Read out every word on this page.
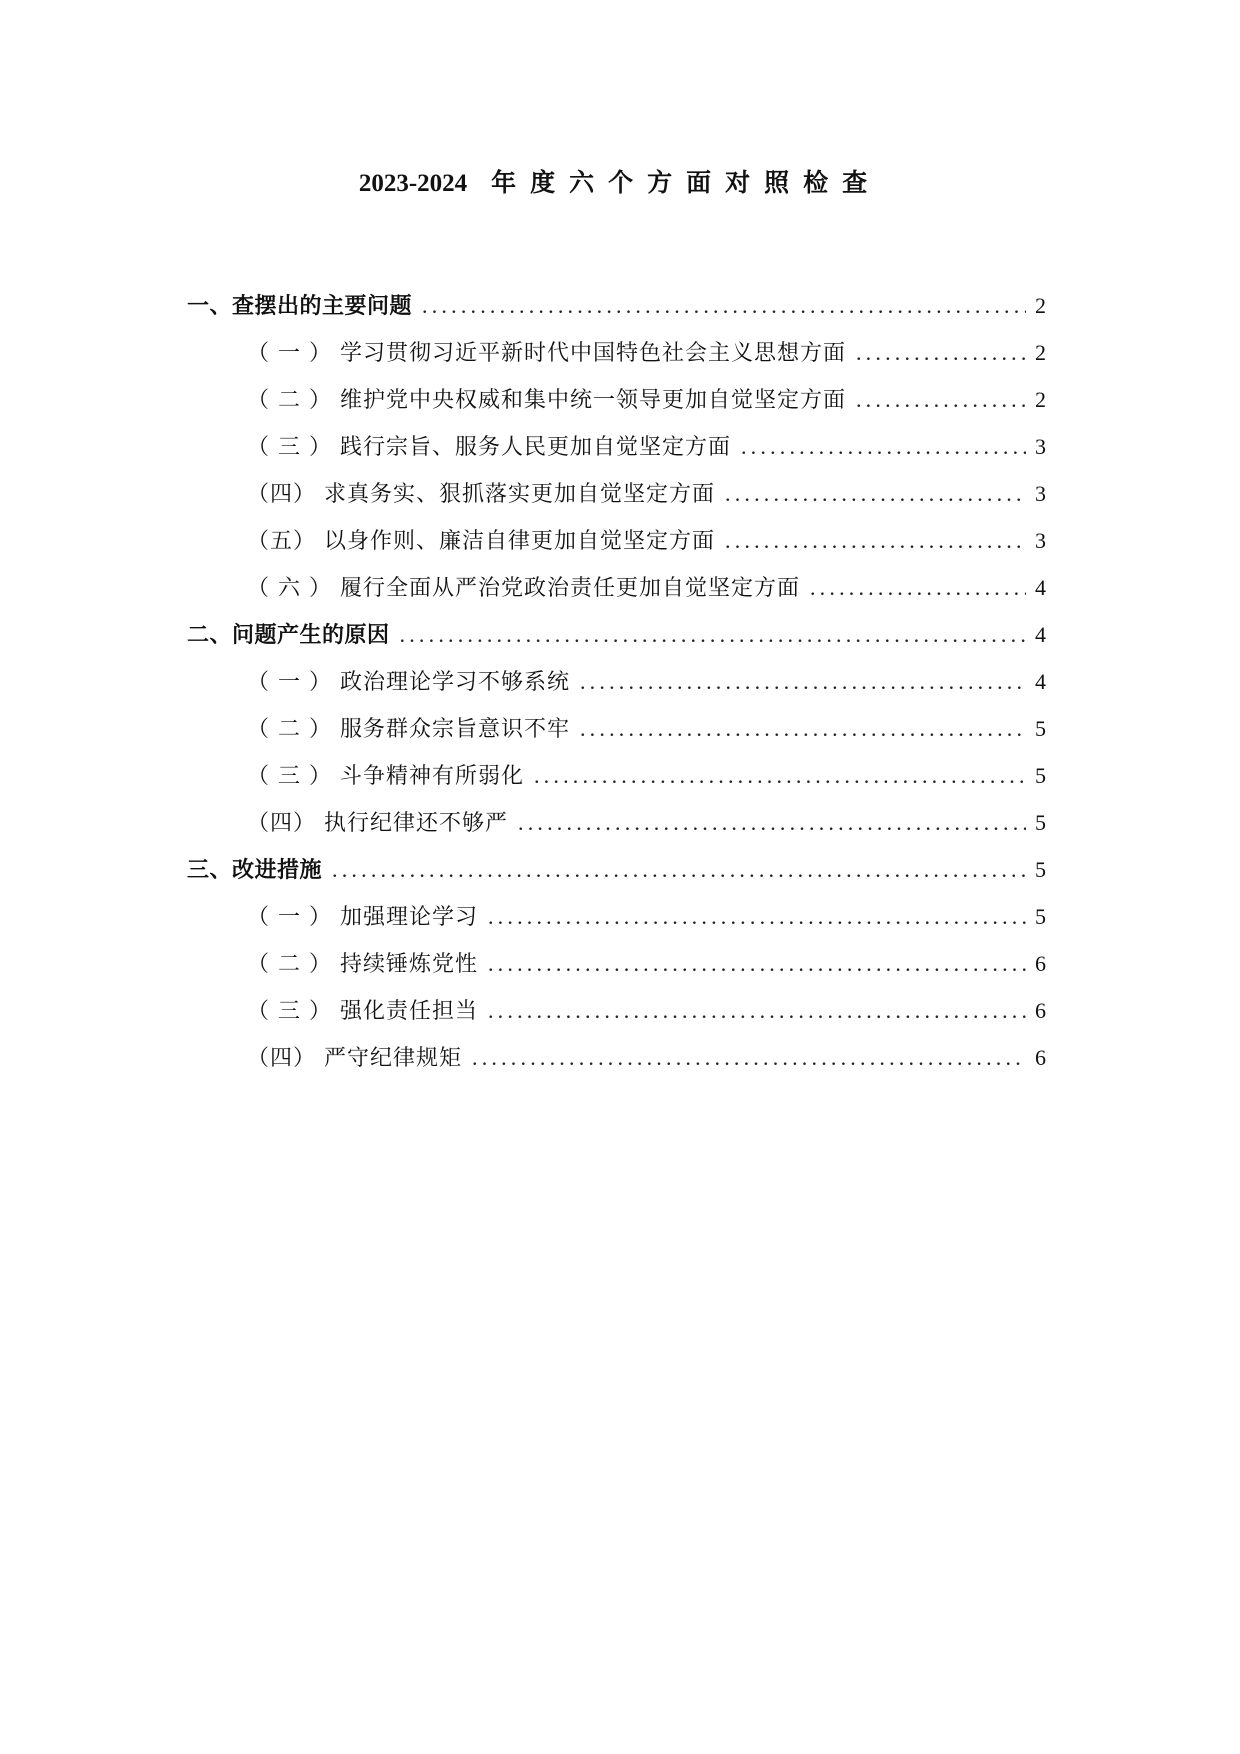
2023-2024 年度六个方面对照检查
一、查摆出的主要问题 .....	2
（ 一 ） 学习贯彻习近平新时代中国特色社会主义思想方面 .....	2
（ 二 ） 维护党中央权威和集中统一领导更加自觉坚定方面 .....	2
（ 三 ） 践行宗旨、服务人民更加自觉坚定方面 .....	3
（四） 求真务实、狠抓落实更加自觉坚定方面 .....	3
（五） 以身作则、廉洁自律更加自觉坚定方面 .....	3
（ 六 ） 履行全面从严治党政治责任更加自觉坚定方面 .....	4
二、问题产生的原因 .....	4
（ 一 ） 政治理论学习不够系统 .....	4
（ 二 ） 服务群众宗旨意识不牢 .....	5
（ 三 ） 斗争精神有所弱化 .....	5
（四） 执行纪律还不够严 .....	5
三、改进措施 .....	5
（ 一 ） 加强理论学习 .....	5
（ 二 ） 持续锤炼党性 .....	6
（ 三 ） 强化责任担当 .....	6
（四） 严守纪律规矩 .....	6
